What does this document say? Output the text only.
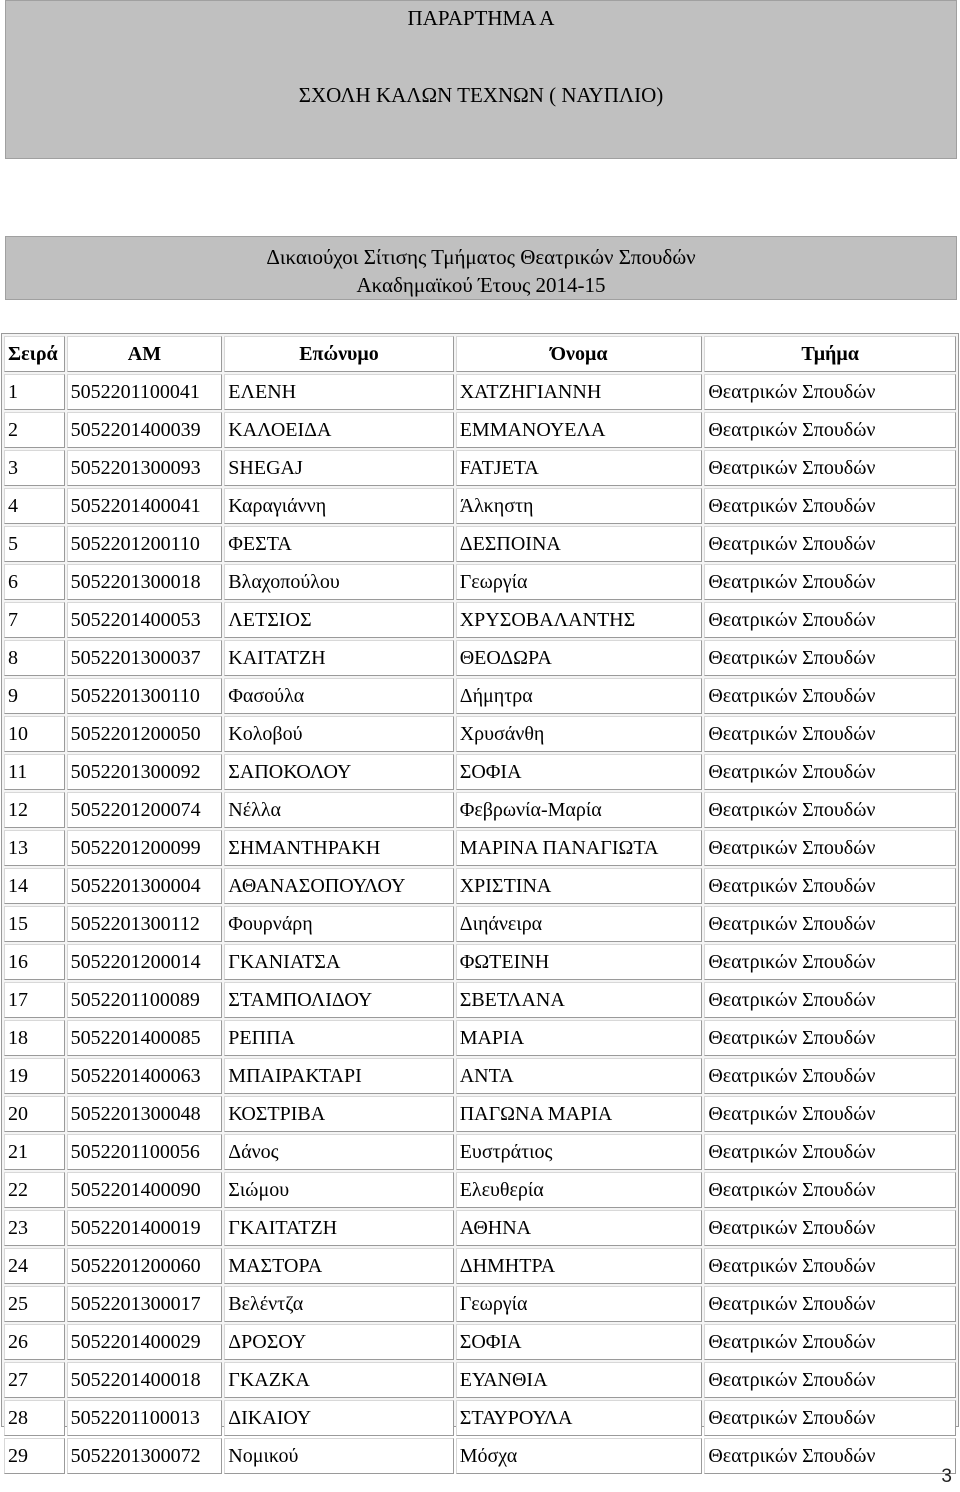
ΠΑΡΑΡΤΗΜΑ Α
ΣΧΟΛΗ ΚΑΛΩΝ ΤΕΧΝΩΝ ( ΝΑΥΠΛΙΟ)
Δικαιούχοι Σίτισης Τμήματος Θεατρικών Σπουδών
Ακαδημαϊκού Έτους 2014-15
Σειρά	ΑΜ	Επώνυμο	Όνομα	Τμήμα
1	5052201100041	ΕΛΕΝΗ	ΧΑΤΖΗΓΙΑΝΝΗ	Θεατρικών Σπουδών
2	5052201400039	ΚΑΛΟΕΙΔΑ	ΕΜΜΑΝΟΥΕΛΑ	Θεατρικών Σπουδών
3	5052201300093	SHEGAJ	FATJETA	Θεατρικών Σπουδών
4	5052201400041	Καραγιάννη	Άλκηστη	Θεατρικών Σπουδών
5	5052201200110	ΦΕΣΤΑ	ΔΕΣΠΟΙΝΑ	Θεατρικών Σπουδών
6	5052201300018	Βλαχοπούλου	Γεωργία	Θεατρικών Σπουδών
7	5052201400053	ΛΕΤΣΙΟΣ	ΧΡΥΣΟΒΑΛΑΝΤΗΣ	Θεατρικών Σπουδών
8	5052201300037	ΚΑΙΤΑΤΖΗ	ΘΕΟΔΩΡΑ	Θεατρικών Σπουδών
9	5052201300110	Φασούλα	Δήμητρα	Θεατρικών Σπουδών
10	5052201200050	Κολοβού	Χρυσάνθη	Θεατρικών Σπουδών
11	5052201300092	ΣΑΠΟΚΟΛΟΥ	ΣΟΦΙΑ	Θεατρικών Σπουδών
12	5052201200074	Νέλλα	Φεβρωνία-Μαρία	Θεατρικών Σπουδών
13	5052201200099	ΣΗΜΑΝΤΗΡΑΚΗ	ΜΑΡΙΝΑ ΠΑΝΑΓΙΩΤΑ	Θεατρικών Σπουδών
14	5052201300004	ΑΘΑΝΑΣΟΠΟΥΛΟΥ	ΧΡΙΣΤΙΝΑ	Θεατρικών Σπουδών
15	5052201300112	Φουρνάρη	Διηάνειρα	Θεατρικών Σπουδών
16	5052201200014	ΓΚΑΝΙΑΤΣΑ	ΦΩΤΕΙΝΗ	Θεατρικών Σπουδών
17	5052201100089	ΣΤΑΜΠΟΛΙΔΟΥ	ΣΒΕΤΛΑΝΑ	Θεατρικών Σπουδών
18	5052201400085	ΡΕΠΠΑ	ΜΑΡΙΑ	Θεατρικών Σπουδών
19	5052201400063	ΜΠΑΙΡΑΚΤΑΡΙ	ΑΝΤΑ	Θεατρικών Σπουδών
20	5052201300048	ΚΟΣΤΡΙΒΑ	ΠΑΓΩΝΑ ΜΑΡΙΑ	Θεατρικών Σπουδών
21	5052201100056	Δάνος	Ευστράτιος	Θεατρικών Σπουδών
22	5052201400090	Σιώμου	Ελευθερία	Θεατρικών Σπουδών
23	5052201400019	ΓΚΑΙΤΑΤΖΗ	ΑΘΗΝΑ	Θεατρικών Σπουδών
24	5052201200060	ΜΑΣΤΟΡΑ	ΔΗΜΗΤΡΑ	Θεατρικών Σπουδών
25	5052201300017	Βελέντζα	Γεωργία	Θεατρικών Σπουδών
26	5052201400029	ΔΡΟΣΟΥ	ΣΟΦΙΑ	Θεατρικών Σπουδών
27	5052201400018	ΓΚΑΖΚΑ	ΕΥΑΝΘΙΑ	Θεατρικών Σπουδών
28	5052201100013	ΔΙΚΑΙΟΥ	ΣΤΑΥΡΟΥΛΑ	Θεατρικών Σπουδών
29	5052201300072	Νομικού	Μόσχα	Θεατρικών Σπουδών
3
